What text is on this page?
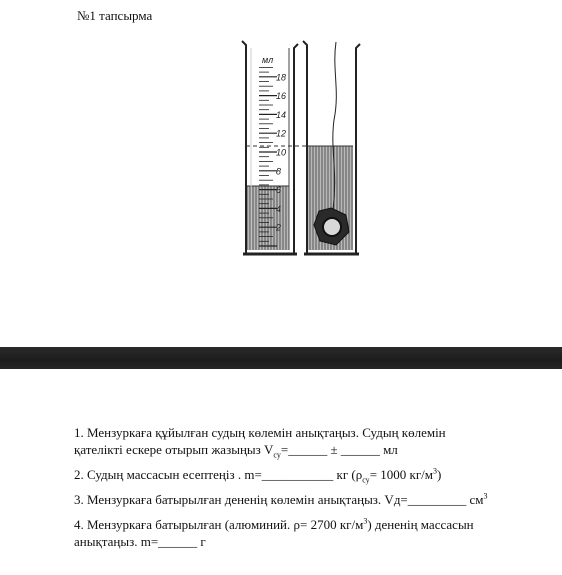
№1 тапсырма
мл
18
16
14
12
10
8
6
4
2
1. Мензуркаға құйылған судың көлемін анықтаңыз. Судың көлемін
қателікті ескере отырып жазыңыз $V_{су}=\_\_\_\_\_\_$ ± ______ мл
2. Судың массасын есептеңіз . m=___________ кг ($\rho_{су}= 1000$ $кг/м^3$)
3. Мензуркаға батырылған дененің көлемін анықтаңыз. Vд=_________ $см^3$
4. Мензуркаға батырылған (алюминий. ρ= 2700 $кг/м^3$) дененің массасын
анықтаңыз. m=______ г
